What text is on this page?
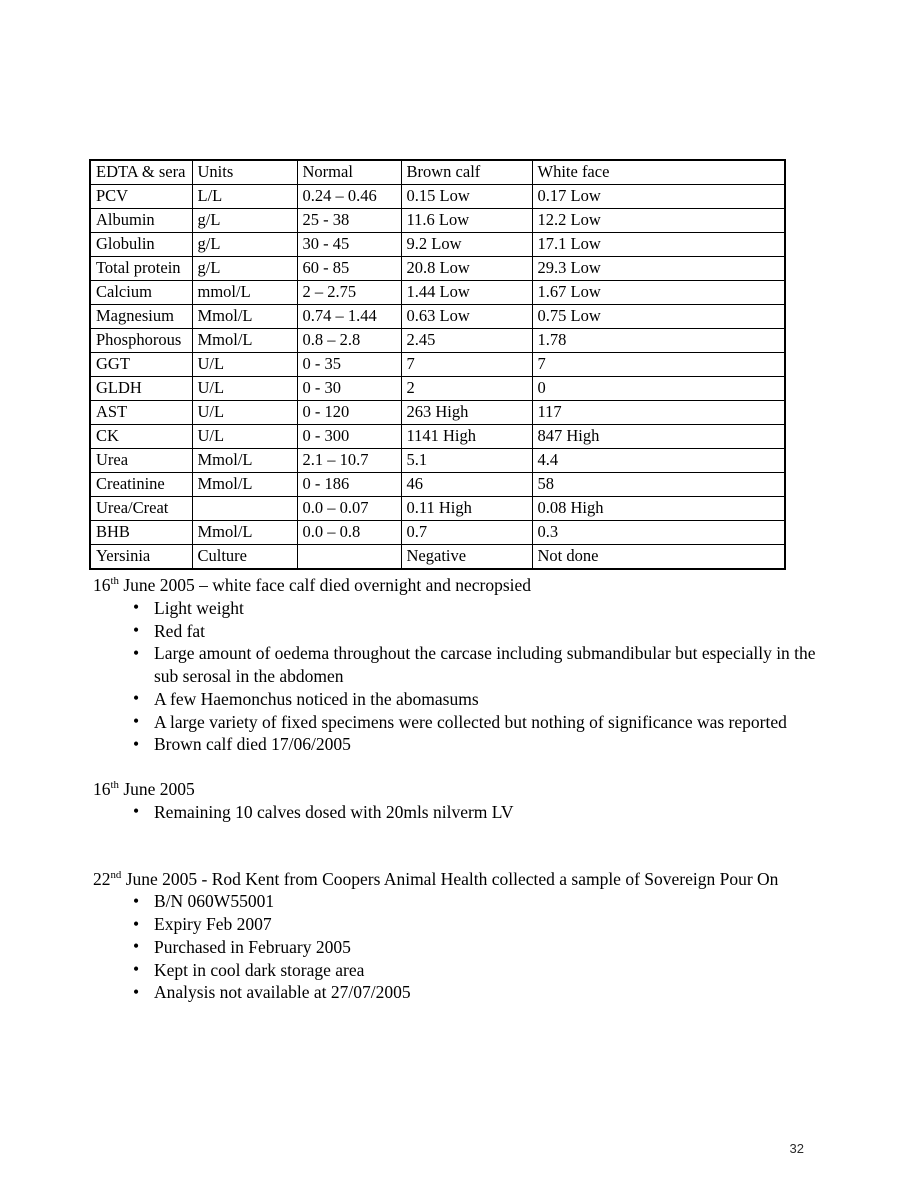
EDTA & sera	Units	Normal	Brown calf	White face
PCV	L/L	0.24 – 0.46	0.15 Low	0.17 Low
Albumin	g/L	25 - 38	11.6 Low	12.2 Low
Globulin	g/L	30 - 45	9.2 Low	17.1 Low
Total protein	g/L	60 - 85	20.8 Low	29.3 Low
Calcium	mmol/L	2 – 2.75	1.44 Low	1.67 Low
Magnesium	Mmol/L	0.74 – 1.44	0.63 Low	0.75 Low
Phosphorous	Mmol/L	0.8 – 2.8	2.45	1.78
GGT	U/L	0 - 35	7	7
GLDH	U/L	0 - 30	2	0
AST	U/L	0 - 120	263 High	117
CK	U/L	0 - 300	1141 High	847 High
Urea	Mmol/L	2.1 – 10.7	5.1	4.4
Creatinine	Mmol/L	0 - 186	46	58
Urea/Creat		0.0 – 0.07	0.11 High	0.08 High
BHB	Mmol/L	0.0 – 0.8	0.7	0.3
Yersinia	Culture		Negative	Not done

16th June 2005 – white face calf died overnight and necropsied

• Light weight
• Red fat
• Large amount of oedema throughout the carcase including submandibular but especially in the sub serosal in the abdomen
• A few Haemonchus noticed in the abomasums
• A large variety of fixed specimens were collected but nothing of significance was reported
• Brown calf died 17/06/2005

16th June 2005

• Remaining 10 calves dosed with 20mls nilverm LV

22nd June 2005 - Rod Kent from Coopers Animal Health collected a sample of Sovereign Pour On

• B/N 060W55001
• Expiry Feb 2007
• Purchased in February 2005
• Kept in cool dark storage area
• Analysis not available at 27/07/2005
32
